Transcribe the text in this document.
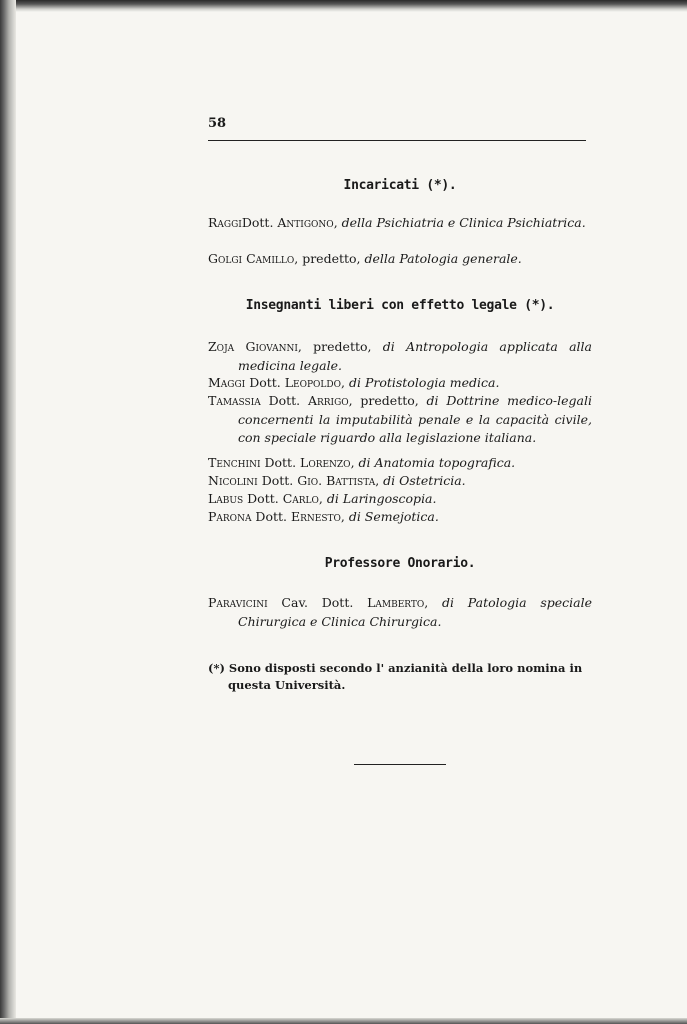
58
Incaricati (*).
RaggiDott. Antigono, della Psichiatria e Clinica Psichiatrica.
Golgi Camillo, predetto, della Patologia generale.
Insegnanti liberi con effetto legale (*).
Zoja Giovanni, predetto, di Antropologia applicata alla medicina legale.
Maggi Dott. Leopoldo, di Protistologia medica.
Tamassia Dott. Arrigo, predetto, di Dottrine medico-legali concernenti la imputabilità penale e la capacità civile, con speciale riguardo alla legislazione italiana.
Tenchini Dott. Lorenzo, di Anatomia topografica.
Nicolini Dott. Gio. Battista, di Ostetricia.
Labus Dott. Carlo, di Laringoscopia.
Parona Dott. Ernesto, di Semejotica.
Professore Onorario.
Paravicini Cav. Dott. Lamberto, di Patologia speciale Chirurgica e Clinica Chirurgica.
(*) Sono disposti secondo l' anzianità della loro nomina in questa Università.
